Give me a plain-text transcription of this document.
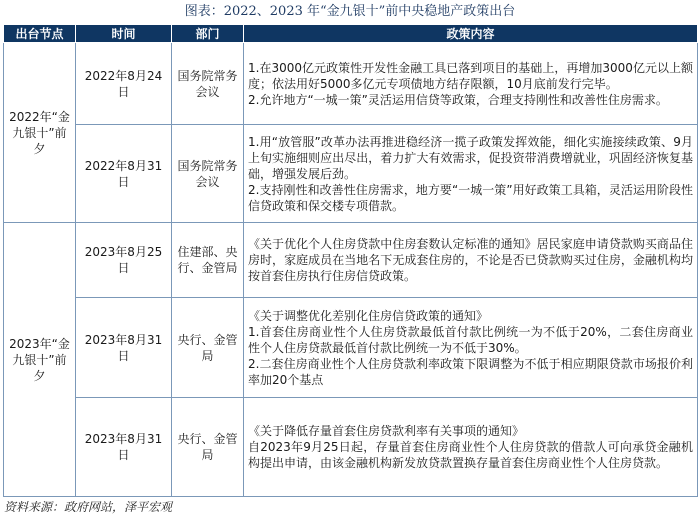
图表：2022、2023 年“金九银十”前中央稳地产政策出台
出台节点	时间	部门	政策内容
2022年“金九银十”前夕	2022年8月24日	国务院常务会议	1.在3000亿元政策性开发性金融工具已落到项目的基础上，再增加3000亿元以上额度；依法用好5000多亿元专项债地方结存限额，10月底前发行完毕。
2.允许地方“一城一策”灵活运用信贷等政策，合理支持刚性和改善性住房需求。

	2022年8月31日	国务院常务会议	1.用“放管服”改革办法再推进稳经济一揽子政策发挥效能，细化实施接续政策、9月上旬实施细则应出尽出，着力扩大有效需求，促投资带消费增就业，巩固经济恢复基础，增强发展后劲。
2.支持刚性和改善性住房需求，地方要“一城一策”用好政策工具箱，灵活运用阶段性信贷政策和保交楼专项借款。

2023年“金九银十”前夕	2023年8月25日	住建部、央行、金管局	《关于优化个人住房贷款中住房套数认定标准的通知》居民家庭申请贷款购买商品住房时，家庭成员在当地名下无成套住房的，不论是否已贷款购买过住房，金融机构均按首套住房执行住房信贷政策。

	2023年8月31日	央行、金管局	《关于调整优化差别化住房信贷政策的通知》
1.首套住房商业性个人住房贷款最低首付款比例统一为不低于20%，二套住房商业性个人住房贷款最低首付款比例统一为不低于30%。
2.二套住房商业性个人住房贷款利率政策下限调整为不低于相应期限贷款市场报价利率加20个基点

	2023年8月31日	央行、金管局	《关于降低存量首套住房贷款利率有关事项的通知》
自2023年9月25日起，存量首套住房商业性个人住房贷款的借款人可向承贷金融机构提出申请，由该金融机构新发放贷款置换存量首套住房商业性个人住房贷款。
资料来源：政府网站，泽平宏观
